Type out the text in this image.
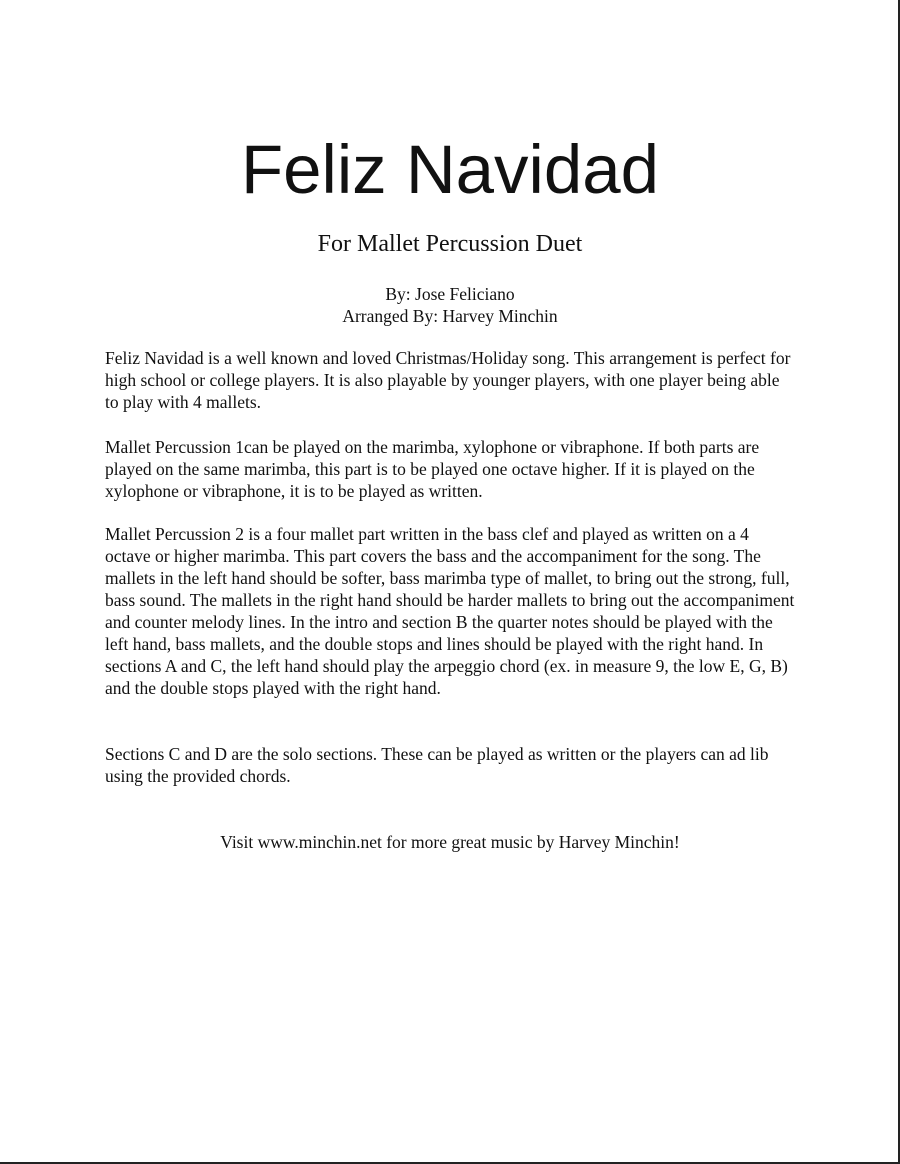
Feliz Navidad
For Mallet Percussion Duet
By: Jose Feliciano
Arranged By: Harvey Minchin

Feliz Navidad is a well known and loved Christmas/Holiday song. This arrangement is perfect for high school or college players. It is also playable by younger players, with one player being able to play with 4 mallets.

Mallet Percussion 1can be played on the marimba, xylophone or vibraphone. If both parts are played on the same marimba, this part is to be played one octave higher. If it is played on the xylophone or vibraphone, it is to be played as written.

Mallet Percussion 2 is a four mallet part written in the bass clef and played as written on a 4 octave or higher marimba. This part covers the bass and the accompaniment for the song. The mallets in the left hand should be softer, bass marimba type of mallet, to bring out the strong, full, bass sound. The mallets in the right hand should be harder mallets to bring out the accompaniment and counter melody lines. In the intro and section B the quarter notes should be played with the left hand, bass mallets, and the double stops and lines should be played with the right hand. In sections A and C, the left hand should play the arpeggio chord (ex. in measure 9, the low E, G, B) and the double stops played with the right hand.

Sections C and D are the solo sections. These can be played as written or the players can ad lib using the provided chords.

Visit www.minchin.net for more great music by Harvey Minchin!
